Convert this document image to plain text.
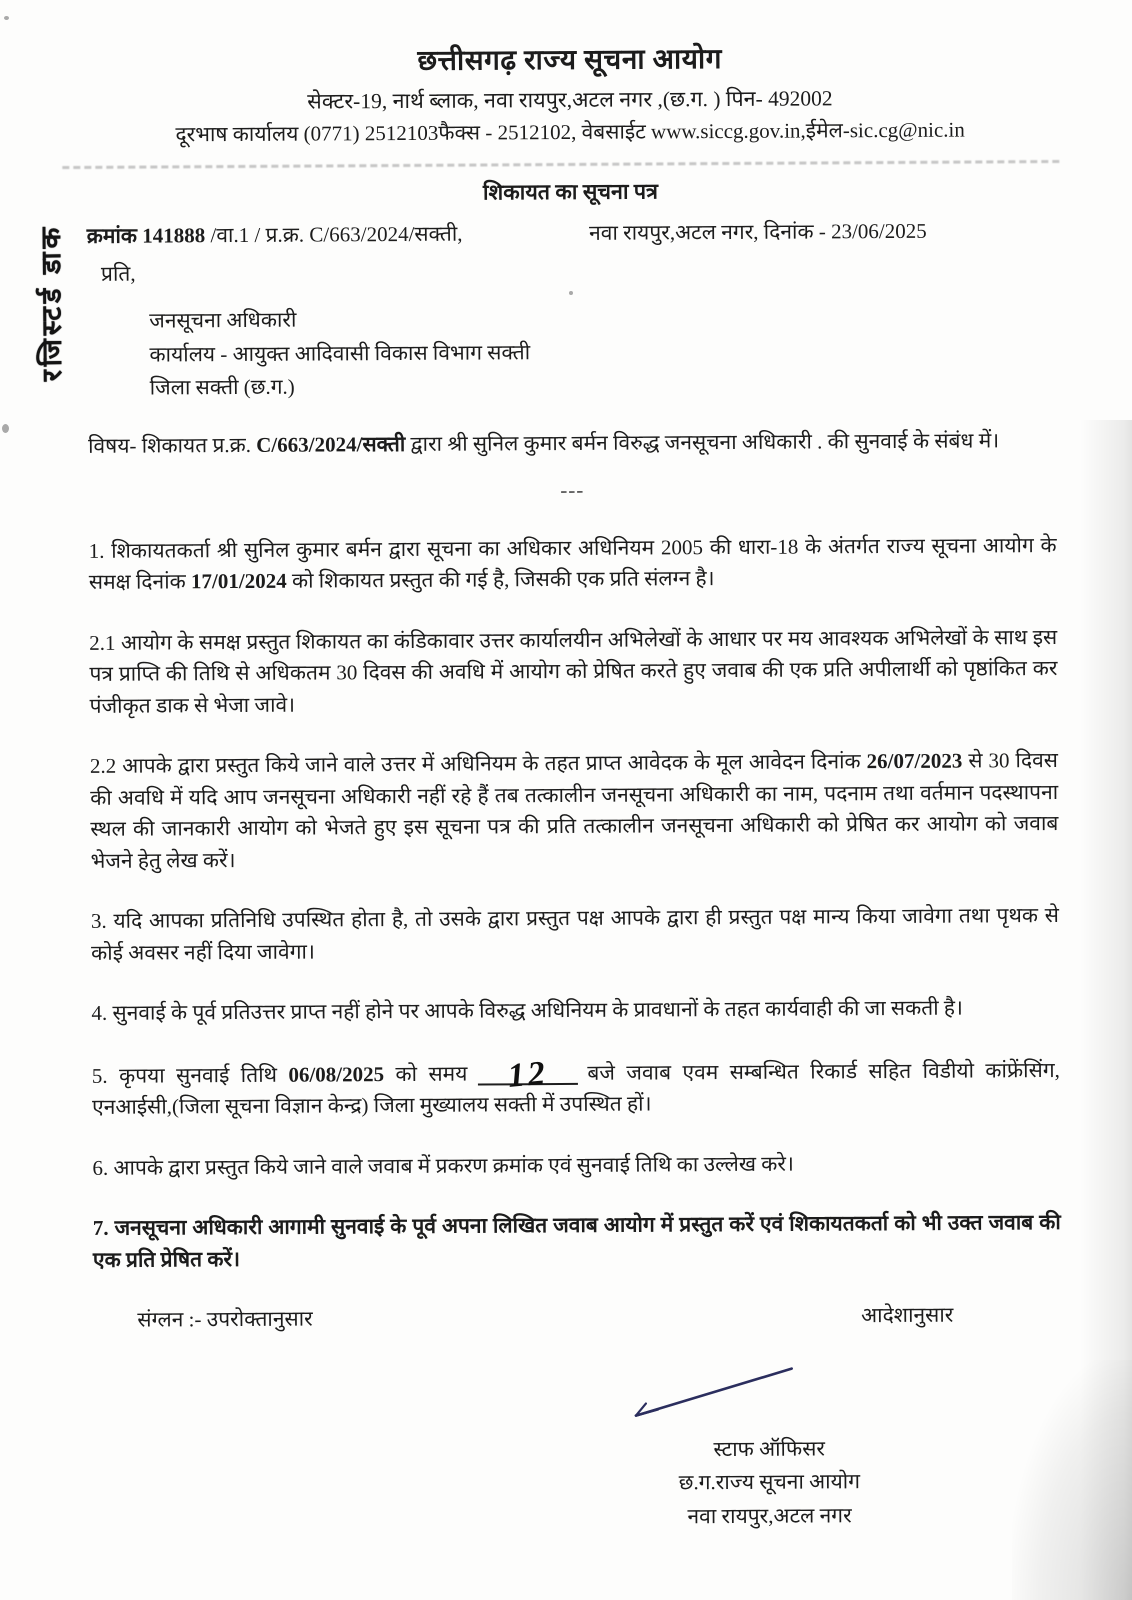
रजिस्टर्ड डाक
छत्तीसगढ़ राज्य सूचना आयोग
सेक्टर-19, नार्थ ब्लाक, नवा रायपुर,अटल नगर ,(छ.ग. ) पिन- 492002
दूरभाष कार्यालय (0771) 2512103फैक्स - 2512102, वेबसाईट www.siccg.gov.in,ईमेल-sic.cg@nic.in
शिकायत का सूचना पत्र
क्रमांक 141888 /वा.1 / प्र.क्र. C/663/2024/सक्ती,	नवा रायपुर,अटल नगर, दिनांक - 23/06/2025
प्रति,
जनसूचना अधिकारी
कार्यालय - आयुक्त आदिवासी विकास विभाग सक्ती
जिला सक्ती (छ.ग.)
विषय- शिकायत प्र.क्र. C/663/2024/सक्ती द्वारा श्री सुनिल कुमार बर्मन विरुद्ध जनसूचना अधिकारी . की सुनवाई के संबंध में।
---
1. शिकायतकर्ता श्री सुनिल कुमार बर्मन द्वारा सूचना का अधिकार अधिनियम 2005 की धारा-18 के अंतर्गत राज्य सूचना आयोग के समक्ष दिनांक 17/01/2024 को शिकायत प्रस्तुत की गई है, जिसकी एक प्रति संलग्न है।
2.1 आयोग के समक्ष प्रस्तुत शिकायत का कंडिकावार उत्तर कार्यालयीन अभिलेखों के आधार पर मय आवश्यक अभिलेखों के साथ इस पत्र प्राप्ति की तिथि से अधिकतम 30 दिवस की अवधि में आयोग को प्रेषित करते हुए जवाब की एक प्रति अपीलार्थी को पृष्ठांकित कर पंजीकृत डाक से भेजा जावे।
2.2 आपके द्वारा प्रस्तुत किये जाने वाले उत्तर में अधिनियम के तहत प्राप्त आवेदक के मूल आवेदन दिनांक 26/07/2023 से 30 दिवस की अवधि में यदि आप जनसूचना अधिकारी नहीं रहे हैं तब तत्कालीन जनसूचना अधिकारी का नाम, पदनाम तथा वर्तमान पदस्थापना स्थल की जानकारी आयोग को भेजते हुए इस सूचना पत्र की प्रति तत्कालीन जनसूचना अधिकारी को प्रेषित कर आयोग को जवाब भेजने हेतु लेख करें।
3. यदि आपका प्रतिनिधि उपस्थित होता है, तो उसके द्वारा प्रस्तुत पक्ष आपके द्वारा ही प्रस्तुत पक्ष मान्य किया जावेगा तथा पृथक से कोई अवसर नहीं दिया जावेगा।
4. सुनवाई के पूर्व प्रतिउत्तर प्राप्त नहीं होने पर आपके विरुद्ध अधिनियम के प्रावधानों के तहत कार्यवाही की जा सकती है।
5. कृपया सुनवाई तिथि 06/08/2025 को समय 12 बजे जवाब एवम सम्बन्धित रिकार्ड सहित विडीयो कांफ्रेंसिंग, एनआईसी,(जिला सूचना विज्ञान केन्द्र) जिला मुख्यालय सक्ती में उपस्थित हों।
6. आपके द्वारा प्रस्तुत किये जाने वाले जवाब में प्रकरण क्रमांक एवं सुनवाई तिथि का उल्लेख करे।
7. जनसूचना अधिकारी आगामी सुनवाई के पूर्व अपना लिखित जवाब आयोग में प्रस्तुत करें एवं शिकायतकर्ता को भी उक्त जवाब की एक प्रति प्रेषित करें।
संग्लन :- उपरोक्तानुसार	आदेशानुसार
स्टाफ ऑफिसर
छ.ग.राज्य सूचना आयोग
नवा रायपुर,अटल नगर
